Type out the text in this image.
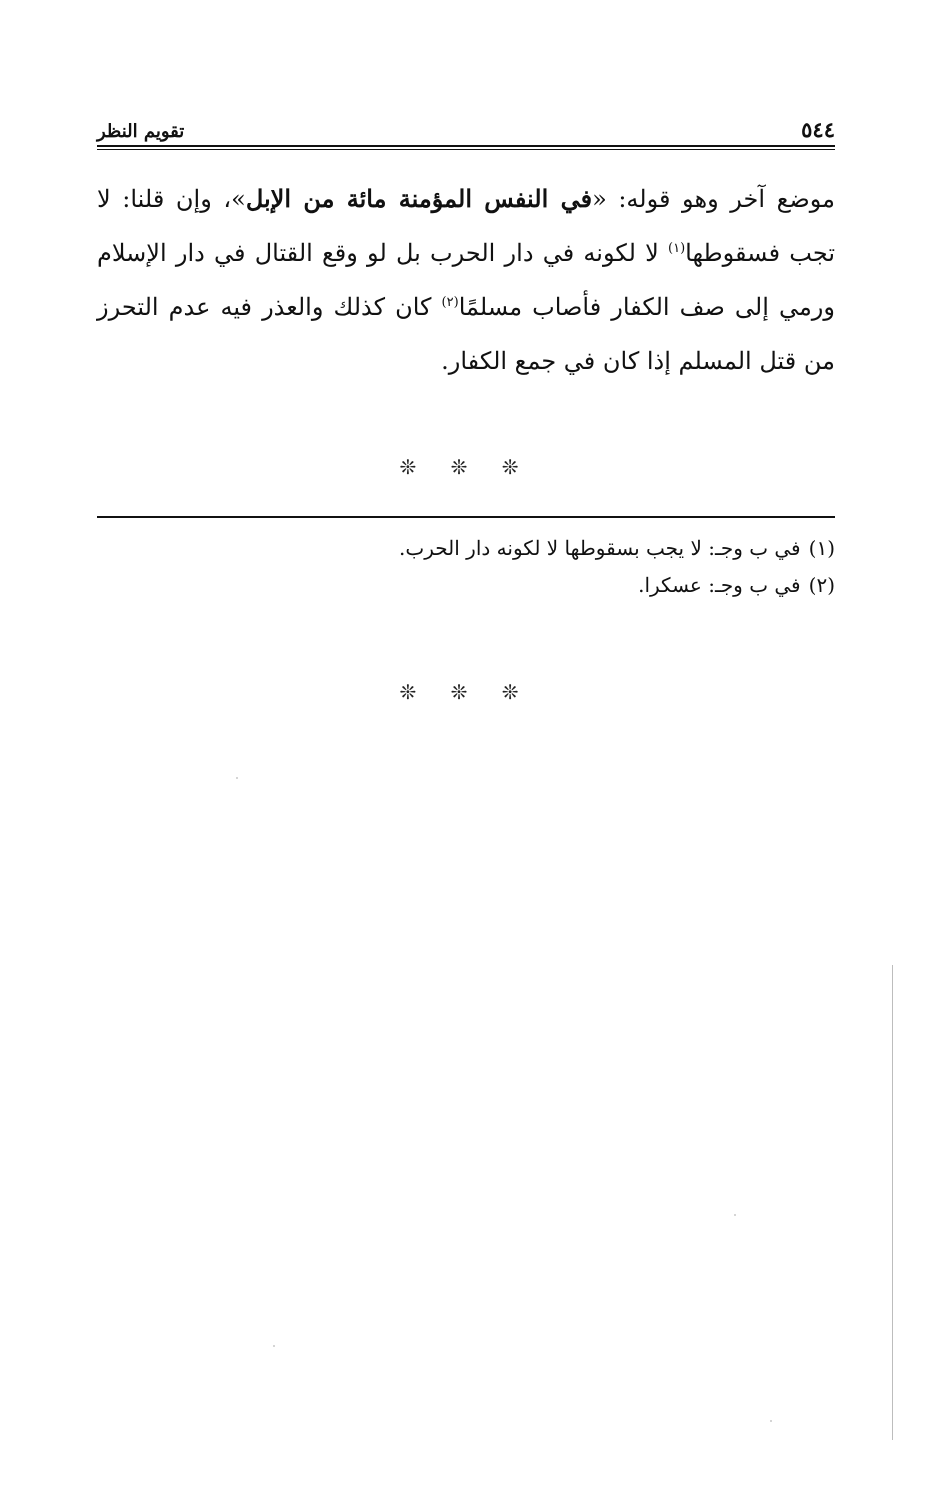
٥٤٤
تقويم النظر

موضع آخر وهو قوله: «في النفس المؤمنة مائة من الإبل»، وإن قلنا: لا تجب فسقوطها$^{(١)}$ لا لكونه في دار الحرب بل لو وقع القتال في دار الإسلام ورمي إلى صف الكفار فأصاب مسلمًا$^{(٢)}$ كان كذلك والعذر فيه عدم التحرز من قتل المسلم إذا كان في جمع الكفار.

❊ ❊ ❊

(١)في ب وجـ: لا يجب بسقوطها لا لكونه دار الحرب.

(٢)في ب وجـ: عسكرا.

❊ ❊ ❊
